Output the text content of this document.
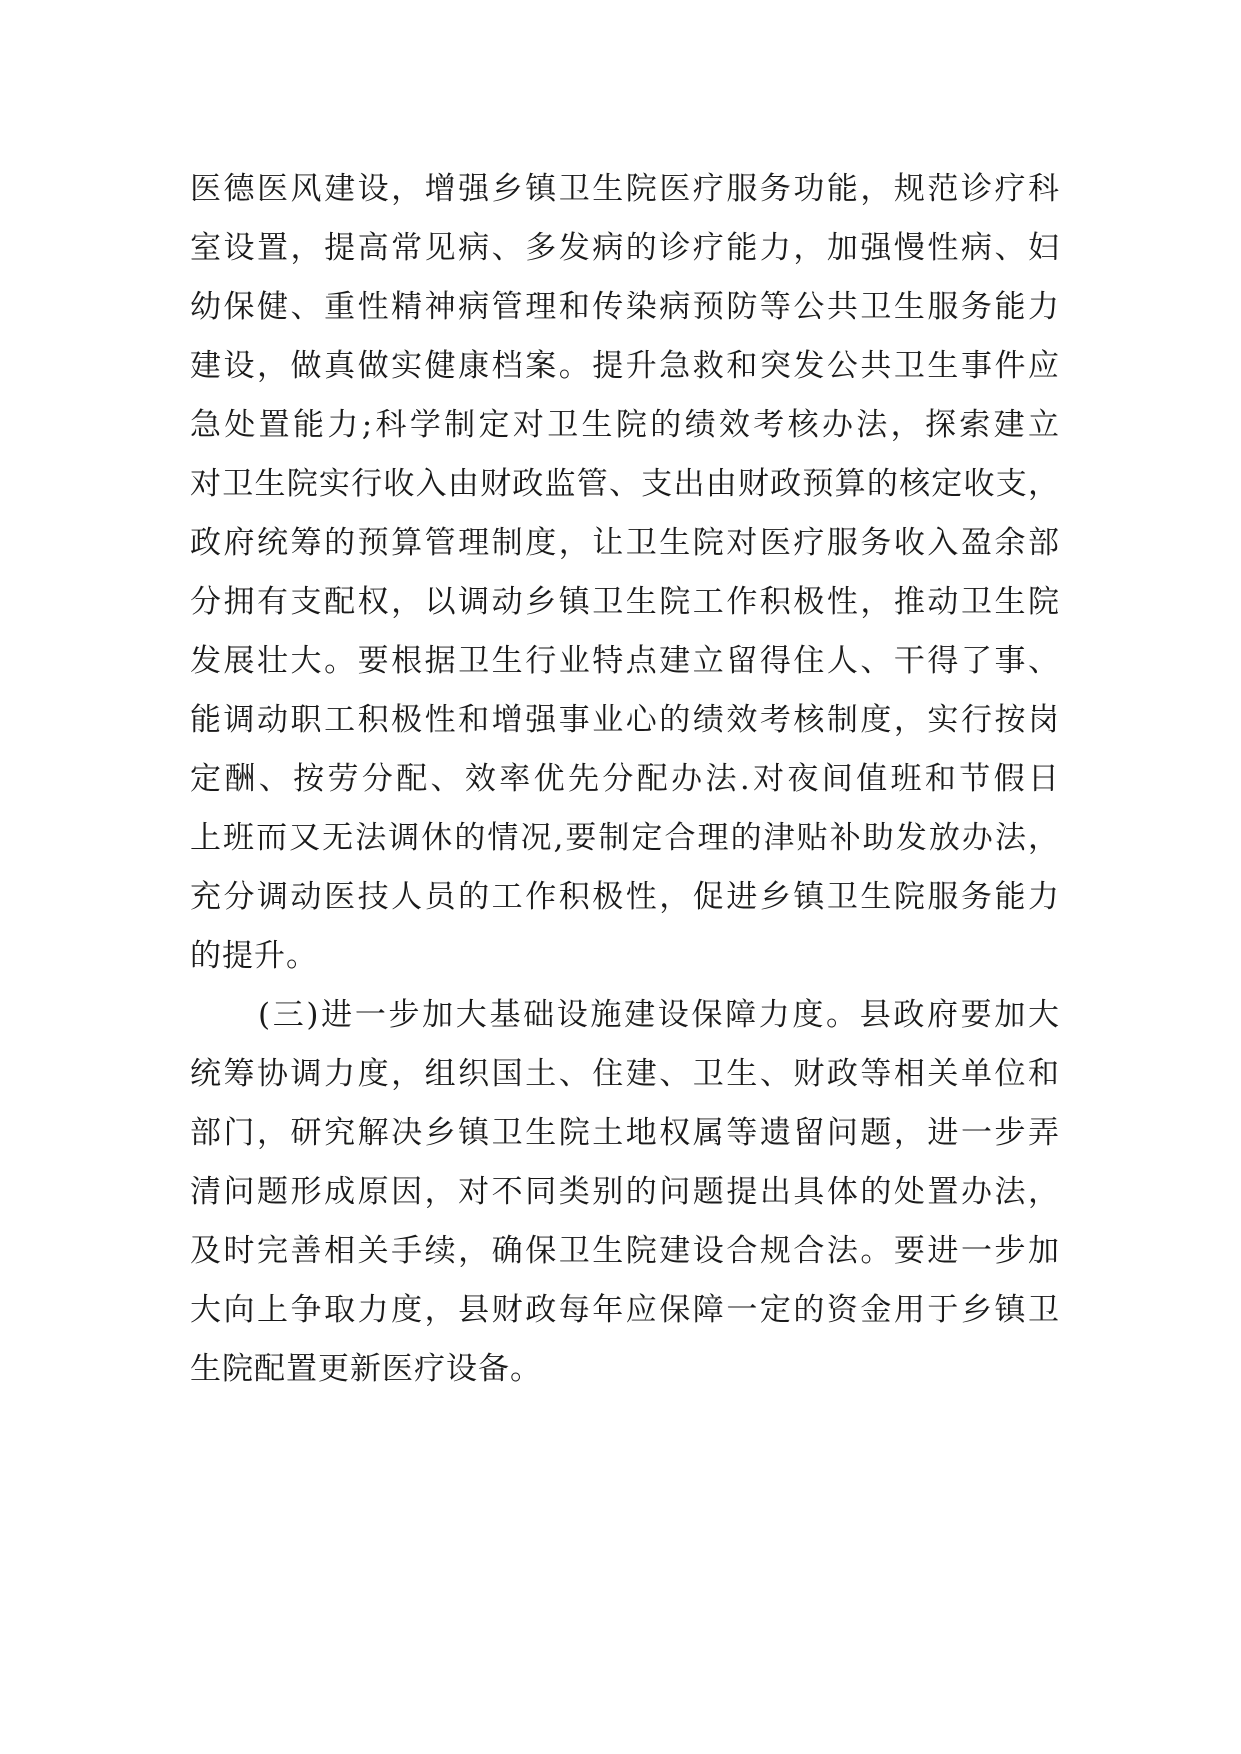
医德医风建设，增强乡镇卫生院医疗服务功能，规范诊疗科
室设置，提高常见病、多发病的诊疗能力，加强慢性病、妇
幼保健、重性精神病管理和传染病预防等公共卫生服务能力
建设，做真做实健康档案。提升急救和突发公共卫生事件应
急处置能力;科学制定对卫生院的绩效考核办法，探索建立
对卫生院实行收入由财政监管、支出由财政预算的核定收支，
政府统筹的预算管理制度，让卫生院对医疗服务收入盈余部
分拥有支配权，以调动乡镇卫生院工作积极性，推动卫生院
发展壮大。要根据卫生行业特点建立留得住人、干得了事、
能调动职工积极性和增强事业心的绩效考核制度，实行按岗
定酬、按劳分配、效率优先分配办法.对夜间值班和节假日
上班而又无法调休的情况,要制定合理的津贴补助发放办法，
充分调动医技人员的工作积极性，促进乡镇卫生院服务能力
的提升。
(三)进一步加大基础设施建设保障力度。县政府要加大
统筹协调力度，组织国土、住建、卫生、财政等相关单位和
部门，研究解决乡镇卫生院土地权属等遗留问题，进一步弄
清问题形成原因，对不同类别的问题提出具体的处置办法，
及时完善相关手续，确保卫生院建设合规合法。要进一步加
大向上争取力度，县财政每年应保障一定的资金用于乡镇卫
生院配置更新医疗设备。
